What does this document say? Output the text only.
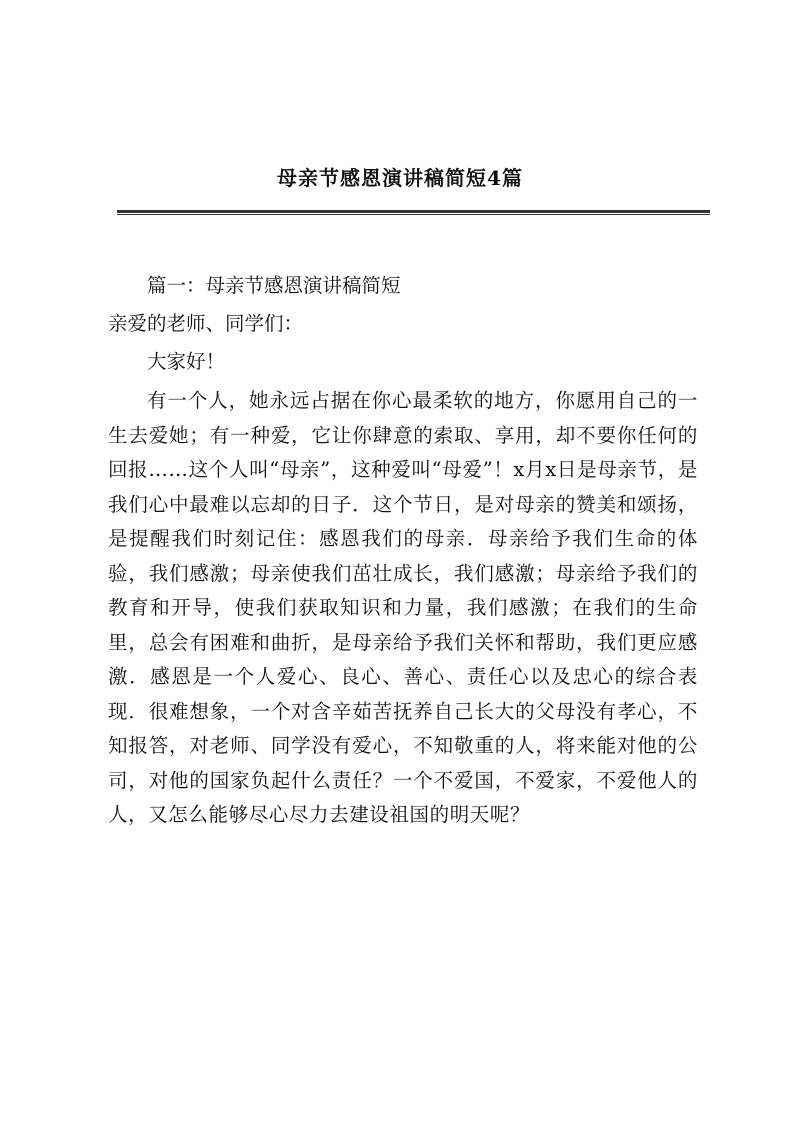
母亲节感恩演讲稿简短4篇

篇一：母亲节感恩演讲稿简短

亲爱的老师、同学们：

大家好！

有一个人，她永远占据在你心最柔软的地方，你愿用自己的一生去爱她；有一种爱，它让你肆意的索取、享用，却不要你任何的回报……这个人叫“母亲”，这种爱叫“母爱”！x月x日是母亲节，是我们心中最难以忘却的日子．这个节日，是对母亲的赞美和颂扬，是提醒我们时刻记住：感恩我们的母亲．母亲给予我们生命的体验，我们感激；母亲使我们茁壮成长，我们感激；母亲给予我们的教育和开导，使我们获取知识和力量，我们感激；在我们的生命里，总会有困难和曲折，是母亲给予我们关怀和帮助，我们更应感激．感恩是一个人爱心、良心、善心、责任心以及忠心的综合表现．很难想象，一个对含辛茹苦抚养自己长大的父母没有孝心，不知报答，对老师、同学没有爱心，不知敬重的人，将来能对他的公司，对他的国家负起什么责任？一个不爱国，不爱家，不爱他人的人，又怎么能够尽心尽力去建设祖国的明天呢？
